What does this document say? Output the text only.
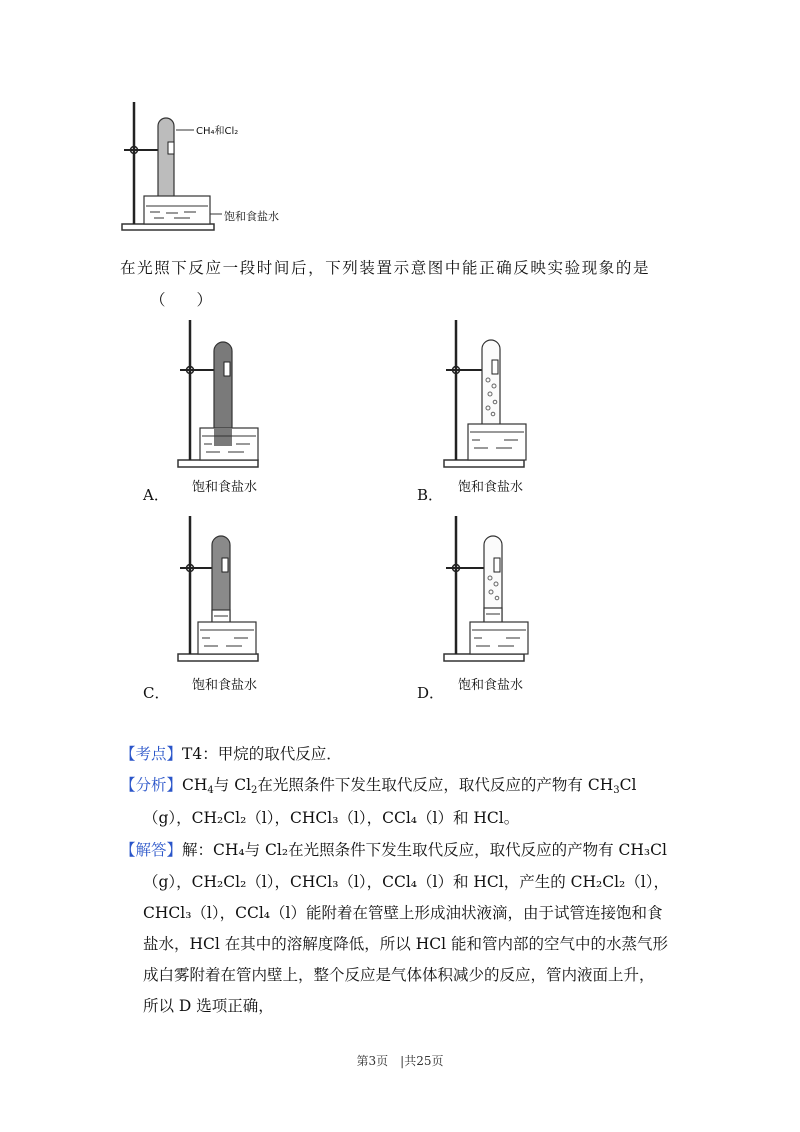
CH₄和Cl₂
饱和食盐水
在光照下反应一段时间后，下列装置示意图中能正确反映实验现象的是
（　　）
A． 饱和食盐水	B． 饱和食盐水
C． 饱和食盐水	D． 饱和食盐水
【考点】T4：甲烷的取代反应．
【分析】$CH_4$与 $Cl_2$在光照条件下发生取代反应，取代反应的产物有 $CH_3Cl$
（g），CH₂Cl₂（l），CHCl₃（l），CCl₄（l）和 HCl。
【解答】解：CH₄与 Cl₂在光照条件下发生取代反应，取代反应的产物有 CH₃Cl
（g），CH₂Cl₂（l），CHCl₃（l），CCl₄（l）和 HCl，产生的 CH₂Cl₂（l），
CHCl₃（l），CCl₄（l）能附着在管壁上形成油状液滴，由于试管连接饱和食
盐水，HCl 在其中的溶解度降低，所以 HCl 能和管内部的空气中的水蒸气形
成白雾附着在管内壁上，整个反应是气体体积减少的反应，管内液面上升，
所以 D 选项正确，
第3页　|共25页
